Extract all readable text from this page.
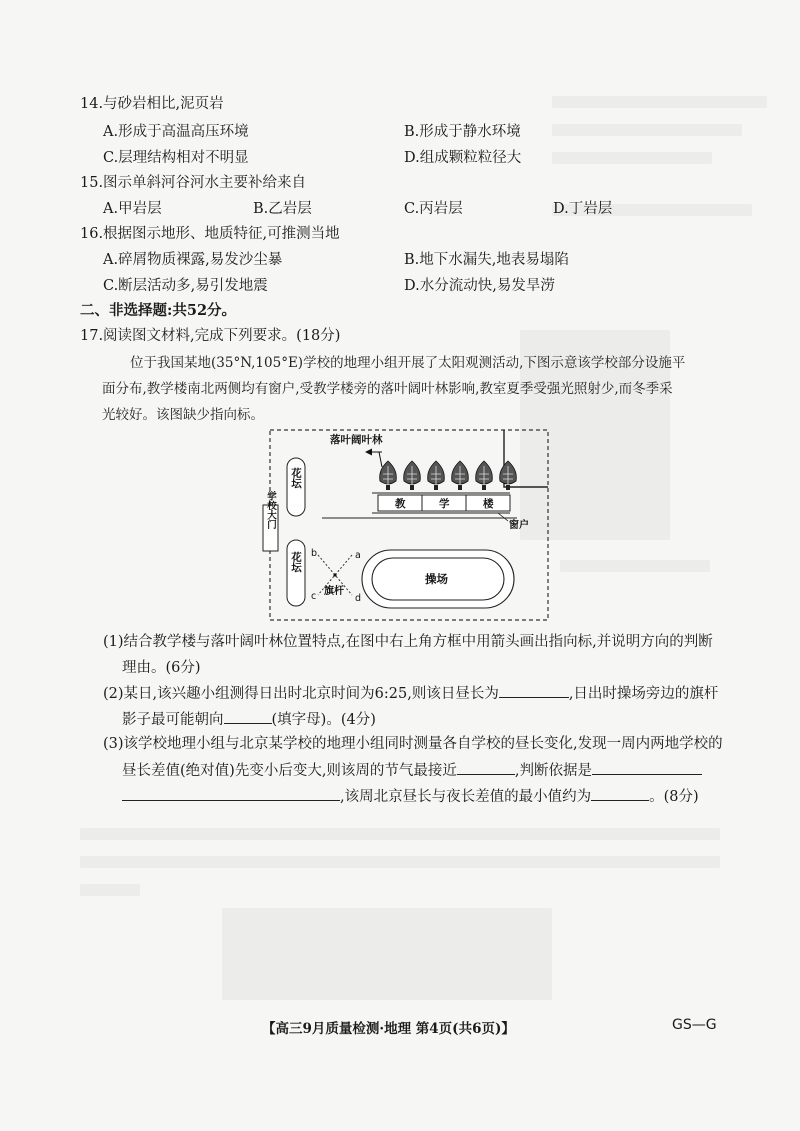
14.与砂岩相比,泥页岩
A.形成于高温高压环境	B.形成于静水环境
C.层理结构相对不明显	D.组成颗粒粒径大
15.图示单斜河谷河水主要补给来自
A.甲岩层	B.乙岩层	C.丙岩层	D.丁岩层
16.根据图示地形、地质特征,可推测当地
A.碎屑物质裸露,易发沙尘暴	B.地下水漏失,地表易塌陷
C.断层活动多,易引发地震	D.水分流动快,易发旱涝
二、非选择题:共52分。
17.阅读图文材料,完成下列要求。(18分)
位于我国某地(35°N,105°E)学校的地理小组开展了太阳观测活动,下图示意该学校部分设施平
面分布,教学楼南北两侧均有窗户,受教学楼旁的落叶阔叶林影响,教室夏季受强光照射少,而冬季采
光较好。该图缺少指向标。
落叶阔叶林
教	学	楼
窗户
花坛
花坛
学校大门
b	a
c	d
旗杆
操场
(1)结合教学楼与落叶阔叶林位置特点,在图中右上角方框中用箭头画出指向标,并说明方向的判断
理由。(6分)
(2)某日,该兴趣小组测得日出时北京时间为6:25,则该日昼长为	,日出时操场旁边的旗杆
影子最可能朝向	(填字母)。(4分)
(3)该学校地理小组与北京某学校的地理小组同时测量各自学校的昼长变化,发现一周内两地学校的
昼长差值(绝对值)先变小后变大,则该周的节气最接近	,判断依据是
,该周北京昼长与夜长差值的最小值约为	。(8分)
【高三9月质量检测·地理 第4页(共6页)】	GS—G
